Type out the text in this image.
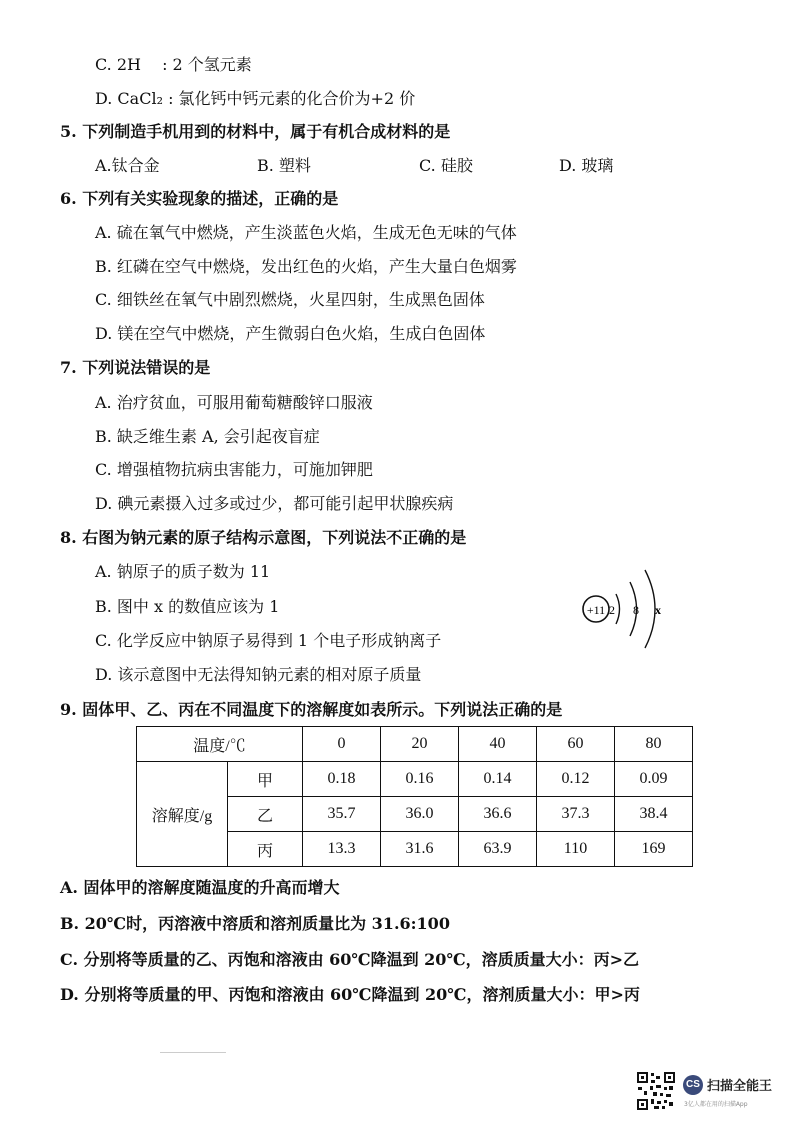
C. 2H　 : 2 个氢元素
D. CaCl₂ : 氯化钙中钙元素的化合价为+2 价
5. 下列制造手机用到的材料中，属于有机合成材料的是
A.钛合金	B. 塑料	C. 硅胶	D. 玻璃
6. 下列有关实验现象的描述，正确的是
A. 硫在氧气中燃烧，产生淡蓝色火焰，生成无色无味的气体
B. 红磷在空气中燃烧，发出红色的火焰，产生大量白色烟雾
C. 细铁丝在氧气中剧烈燃烧，火星四射，生成黑色固体
D. 镁在空气中燃烧，产生微弱白色火焰，生成白色固体
7. 下列说法错误的是
A. 治疗贫血，可服用葡萄糖酸锌口服液
B. 缺乏维生素 A, 会引起夜盲症
C. 增强植物抗病虫害能力，可施加钾肥
D. 碘元素摄入过多或过少，都可能引起甲状腺疾病
8. 右图为钠元素的原子结构示意图，下列说法不正确的是
A. 钠原子的质子数为 11
B. 图中 x 的数值应该为 1
C. 化学反应中钠原子易得到 1 个电子形成钠离子
D. 该示意图中无法得知钠元素的相对原子质量
+11 2 8 x
9. 固体甲、乙、丙在不同温度下的溶解度如表所示。下列说法正确的是
温度/℃		0	20	40	60	80
溶解度/g	甲	0.18	0.16	0.14	0.12	0.09
	乙	35.7	36.0	36.6	37.3	38.4
	丙	13.3	31.6	63.9	110	169
A. 固体甲的溶解度随温度的升高而增大
B. 20℃时，丙溶液中溶质和溶剂质量比为 31.6:100
C. 分别将等质量的乙、丙饱和溶液由 60℃降温到 20℃，溶质质量大小：丙>乙
D. 分别将等质量的甲、丙饱和溶液由 60℃降温到 20℃，溶剂质量大小：甲>丙
CS 扫描全能王
3亿人都在用的扫描App
